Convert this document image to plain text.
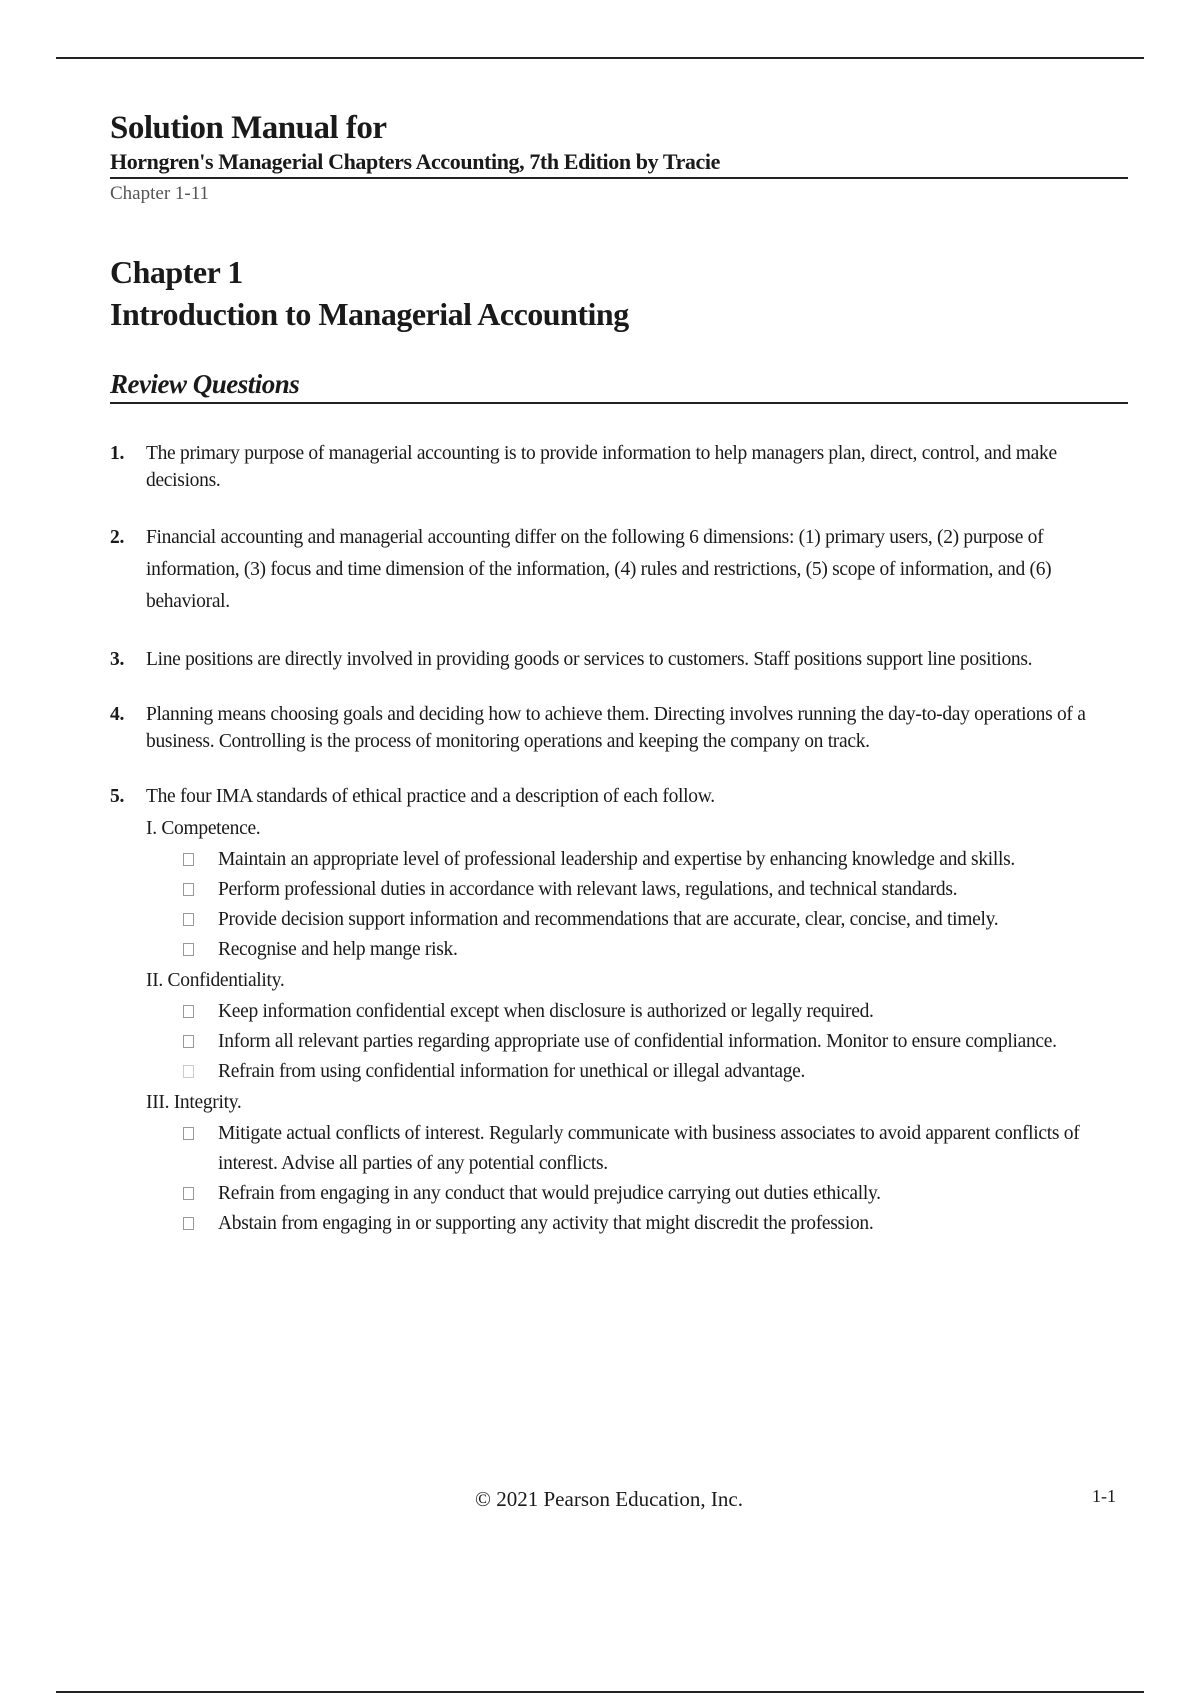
Solution Manual for
Horngren's Managerial Chapters Accounting, 7th Edition by Tracie
Chapter 1-11
Chapter 1
Introduction to Managerial Accounting
Review Questions
1. The primary purpose of managerial accounting is to provide information to help managers plan, direct, control, and make decisions.
2. Financial accounting and managerial accounting differ on the following 6 dimensions: (1) primary users, (2) purpose of information, (3) focus and time dimension of the information, (4) rules and restrictions, (5) scope of information, and (6) behavioral.
3. Line positions are directly involved in providing goods or services to customers. Staff positions support line positions.
4. Planning means choosing goals and deciding how to achieve them. Directing involves running the day-to-day operations of a business. Controlling is the process of monitoring operations and keeping the company on track.
5. The four IMA standards of ethical practice and a description of each follow.
I. Competence.
Maintain an appropriate level of professional leadership and expertise by enhancing knowledge and skills.
Perform professional duties in accordance with relevant laws, regulations, and technical standards.
Provide decision support information and recommendations that are accurate, clear, concise, and timely.
Recognise and help mange risk.
II. Confidentiality.
Keep information confidential except when disclosure is authorized or legally required.
Inform all relevant parties regarding appropriate use of confidential information. Monitor to ensure compliance.
Refrain from using confidential information for unethical or illegal advantage.
III. Integrity.
Mitigate actual conflicts of interest. Regularly communicate with business associates to avoid apparent conflicts of interest. Advise all parties of any potential conflicts.
Refrain from engaging in any conduct that would prejudice carrying out duties ethically.
Abstain from engaging in or supporting any activity that might discredit the profession.
© 2021 Pearson Education, Inc.	1-1
